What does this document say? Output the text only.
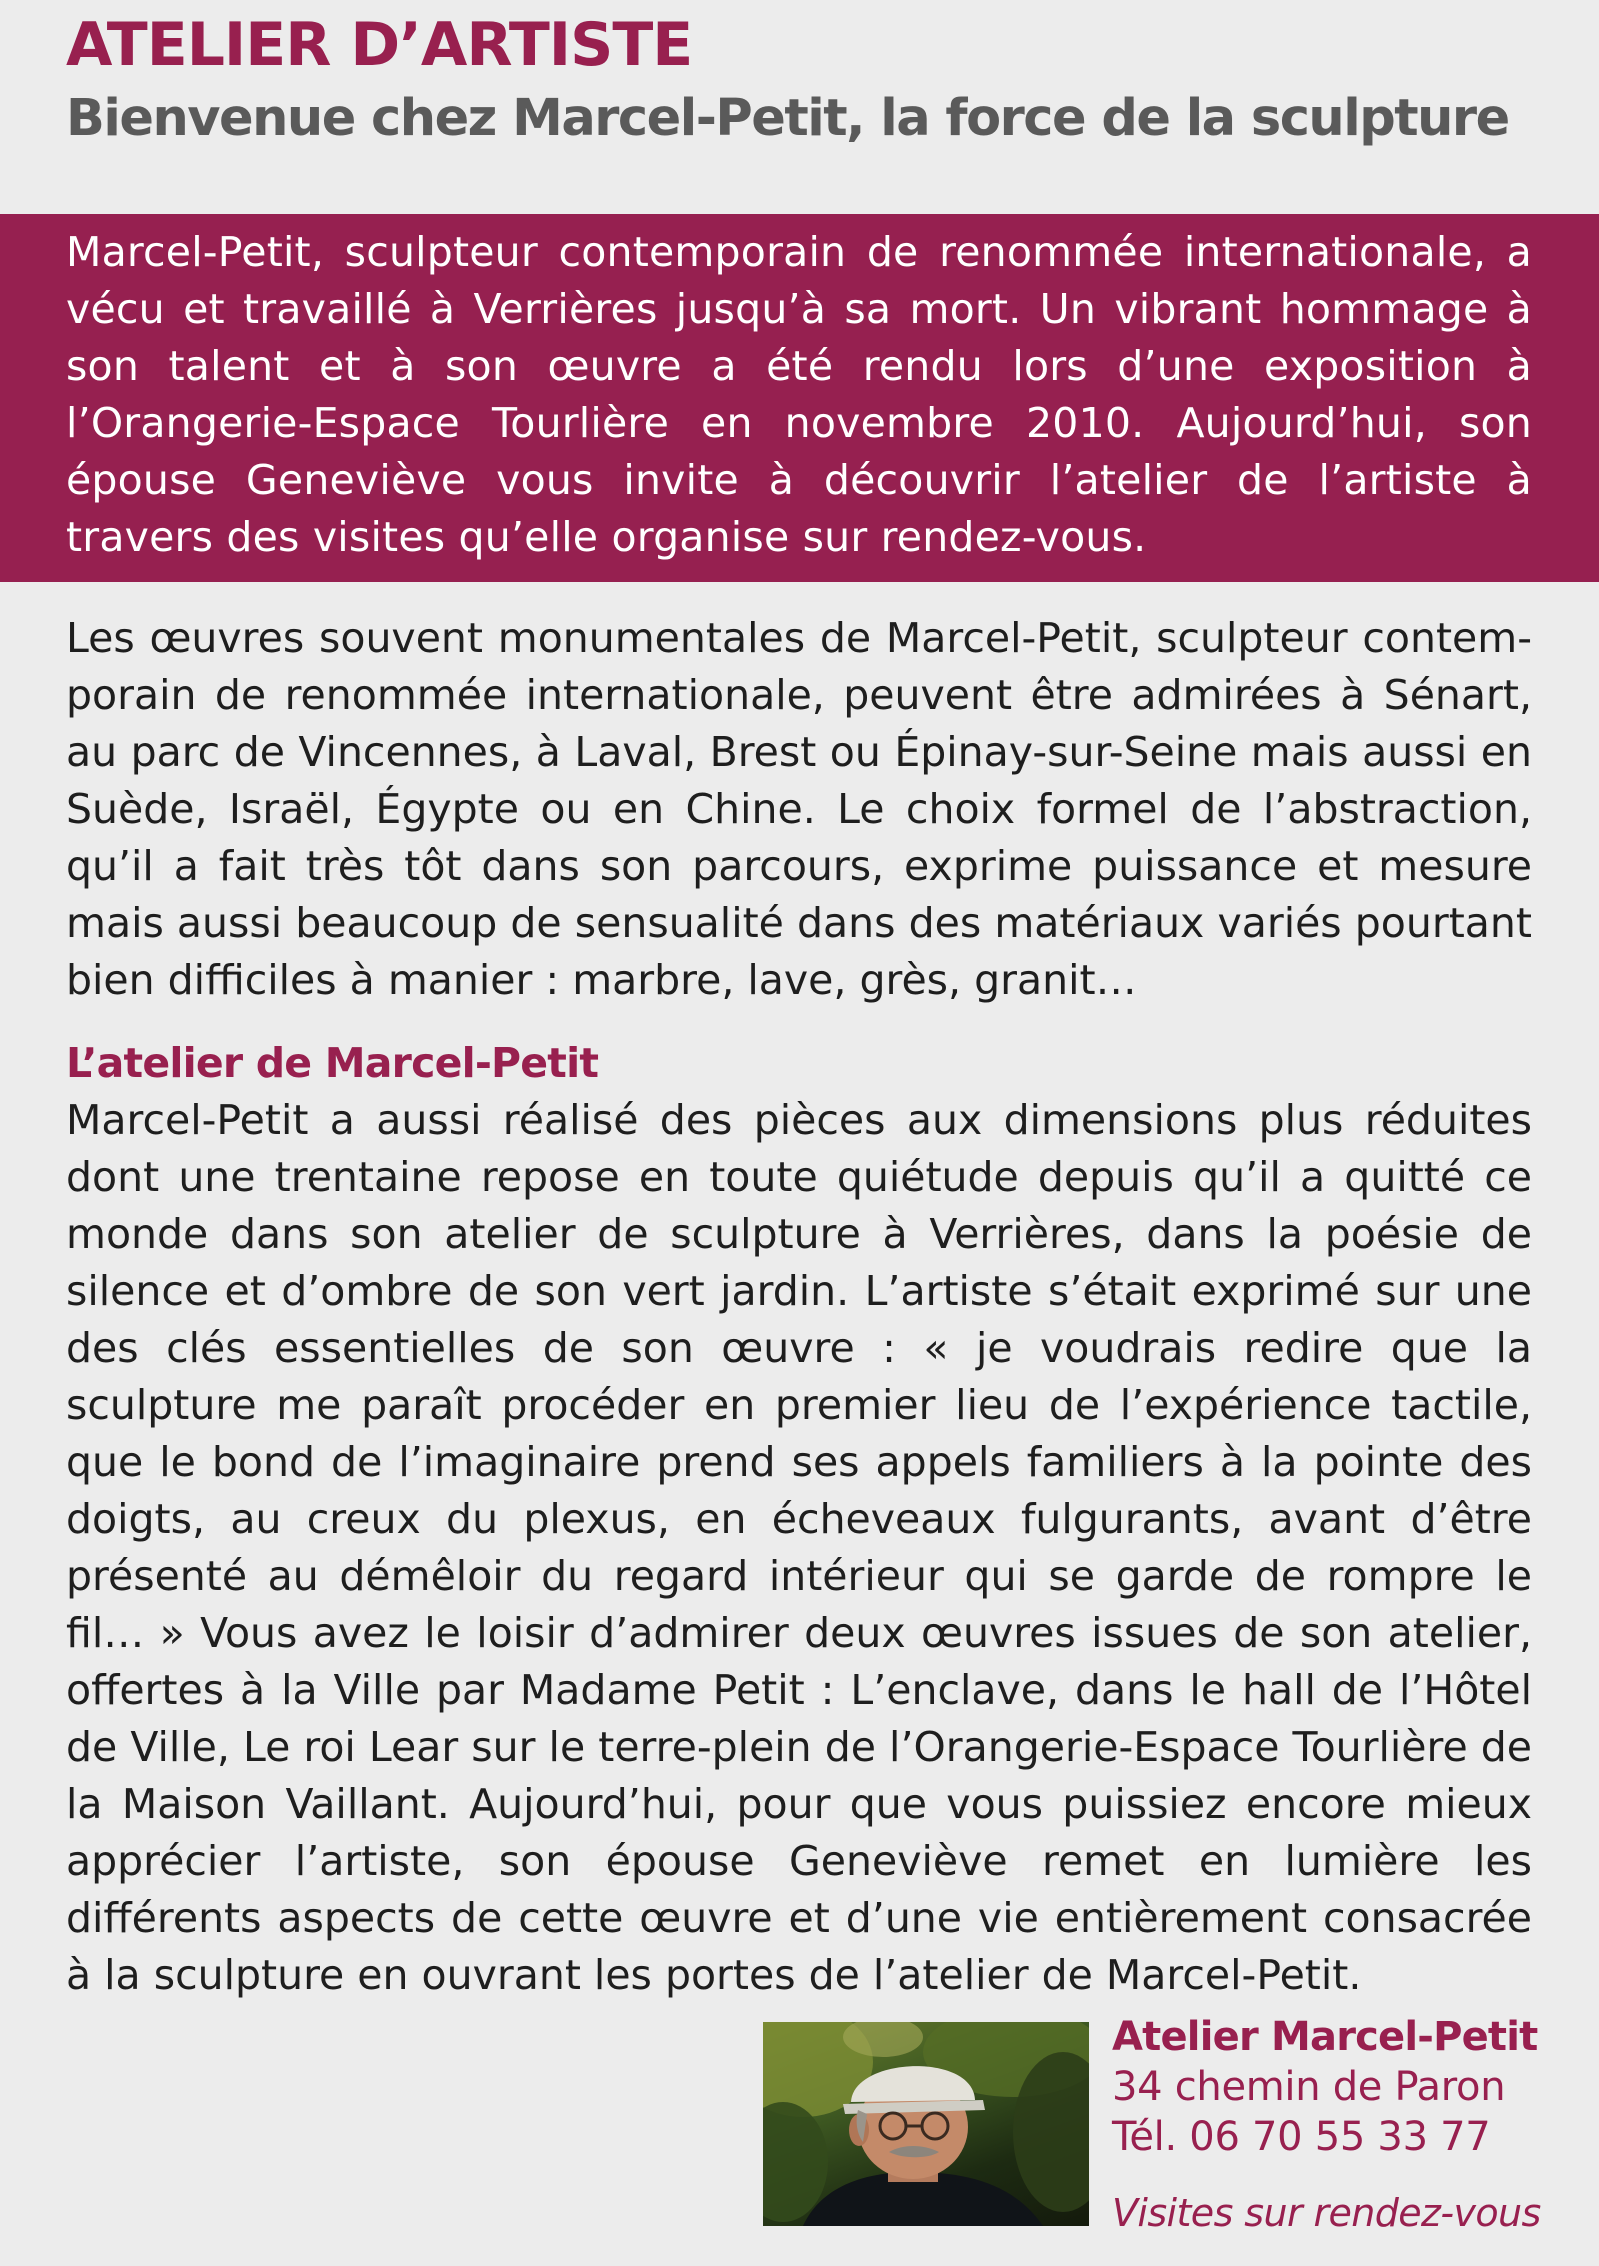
ATELIER D’ARTISTE
Bienvenue chez Marcel-Petit, la force de la sculpture

Marcel-Petit, sculpteur contemporain de renommée internationale, a vécu et travaillé à Verrières jusqu’à sa mort. Un vibrant hommage à son talent et à son œuvre a été rendu lors d’une exposition à l’Orangerie-Espace Tourlière en novembre 2010. Aujourd’hui, son épouse Geneviève vous invite à découvrir l’atelier de l’artiste à travers des visites qu’elle organise sur rendez-vous.

Les œuvres souvent monumentales de Marcel-Petit, sculpteur contemporain de renommée internationale, peuvent être admirées à Sénart, au parc de Vincennes, à Laval, Brest ou Épinay-sur-Seine mais aussi en Suède, Israël, Égypte ou en Chine. Le choix formel de l’abstraction, qu’il a fait très tôt dans son parcours, exprime puissance et mesure mais aussi beaucoup de sensualité dans des matériaux variés pourtant bien difficiles à manier : marbre, lave, grès, granit…

L’atelier de Marcel-Petit

Marcel-Petit a aussi réalisé des pièces aux dimensions plus réduites dont une trentaine repose en toute quiétude depuis qu’il a quitté ce monde dans son atelier de sculpture à Verrières, dans la poésie de silence et d’ombre de son vert jardin. L’artiste s’était exprimé sur une des clés essentielles de son œuvre : « je voudrais redire que la sculpture me paraît procéder en premier lieu de l’expérience tactile, que le bond de l’imaginaire prend ses appels familiers à la pointe des doigts, au creux du plexus, en écheveaux fulgurants, avant d’être présenté au démêloir du regard intérieur qui se garde de rompre le fil… » Vous avez le loisir d’admirer deux œuvres issues de son atelier, offertes à la Ville par Madame Petit : L’enclave, dans le hall de l’Hôtel de Ville, Le roi Lear sur le terre-plein de l’Orangerie-Espace Tourlière de la Maison Vaillant. Aujourd’hui, pour que vous puissiez encore mieux apprécier l’artiste, son épouse Geneviève remet en lumière les différents aspects de cette œuvre et d’une vie entièrement consacrée à la sculpture en ouvrant les portes de l’atelier de Marcel-Petit.

Atelier Marcel-Petit
34 chemin de Paron
Tél. 06 70 55 33 77
Visites sur rendez-vous
